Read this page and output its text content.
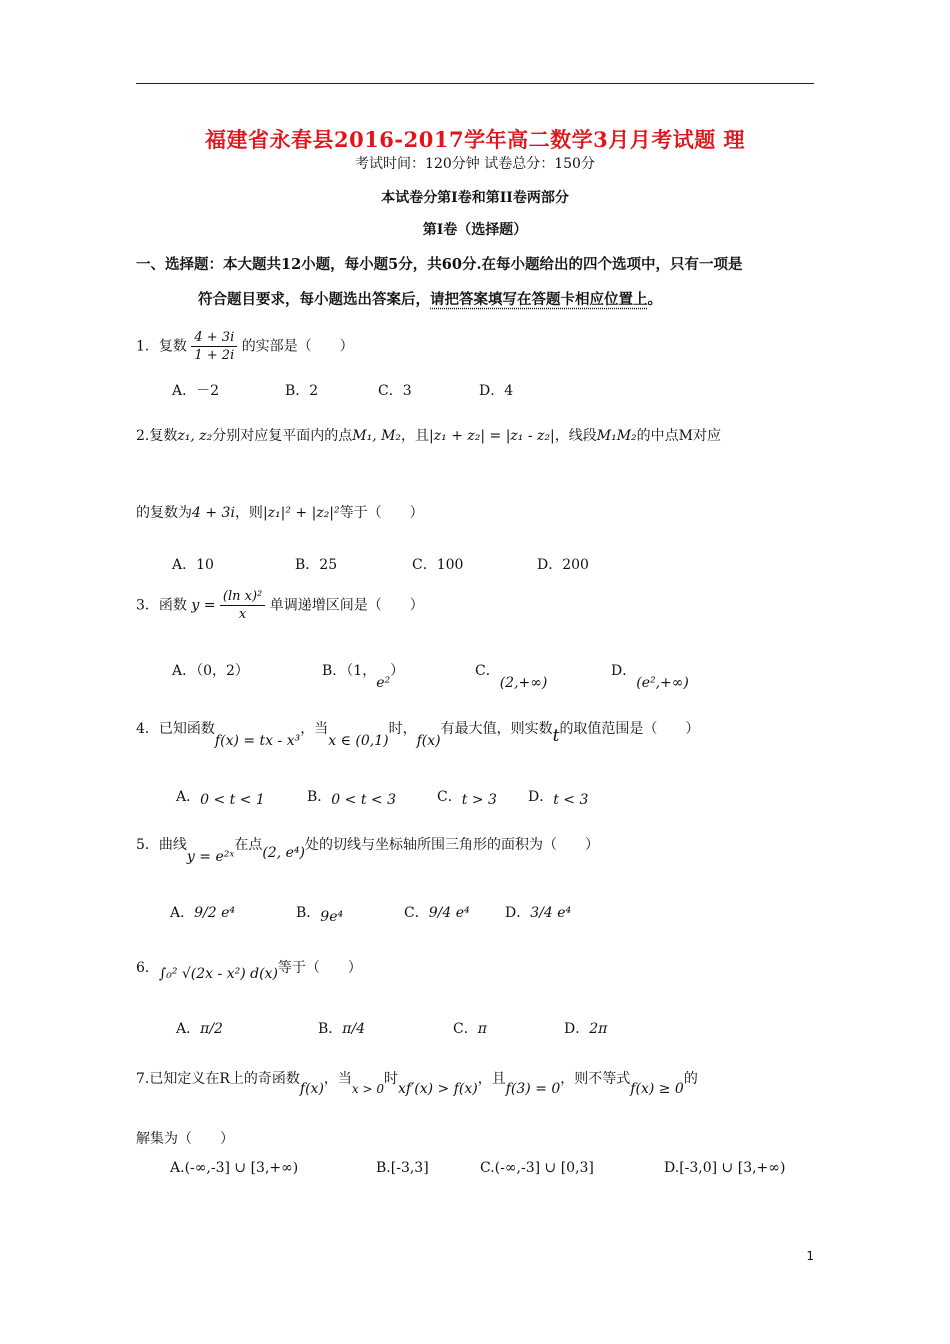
福建省永春县2016-2017学年高二数学3月月考试题 理
考试时间：120分钟 试卷总分：150分
本试卷分第I卷和第II卷两部分
第I卷（选择题）
一、选择题：本大题共12小题，每小题5分，共60分.在每小题给出的四个选项中，只有一项是
符合题目要求，每小题选出答案后，请把答案填写在答题卡相应位置上。
1．复数 $\frac{4 + 3i}{1 + 2i}$ 的实部是（　　）
A．－2	B．2	C．3	D．4
2.复数z₁, z₂分别对应复平面内的点M₁, M₂，且|z₁ + z₂| = |z₁ - z₂|，线段M₁M₂的中点M对应
的复数为4 + 3i，则|z₁|² + |z₂|²等于（　　）
A．10	B．25	C．100	D．200
3．函数 $y = \frac{\text{(ln x)²}}{x}$ 单调递增区间是（　　）
A．（0，2）	B．（1，e²）	C．(2,+∞)
D．(e²,+∞)
4．已知函数f(x) = tx - x³，当x ∈ (0,1)时，f(x)有最大值，则实数t的取值范围是（　　）
A．0 < t < 1	B．0 < t < 3	C．t > 3 D．t < 3
5．曲线y = e²ˣ在点(2, e⁴)处的切线与坐标轴所围三角形的面积为（　　）
A．9/2 e⁴	B．9e⁴	C．9/4 e⁴	D．3/4 e⁴
6．∫₀² √(2x - x²) d(x)等于（　　）
A．π/2	B．π/4	C．π	D．2π
7.已知定义在R上的奇函数f(x)，当x > 0时xf′(x) > f(x)，且f(3) = 0，则不等式f(x) ≥ 0的
解集为（　　）
A.(-∞,-3] ∪ [3,+∞)	B.[-3,3]	C.(-∞,-3] ∪ [0,3]	D.[-3,0] ∪ [3,+∞)
1
